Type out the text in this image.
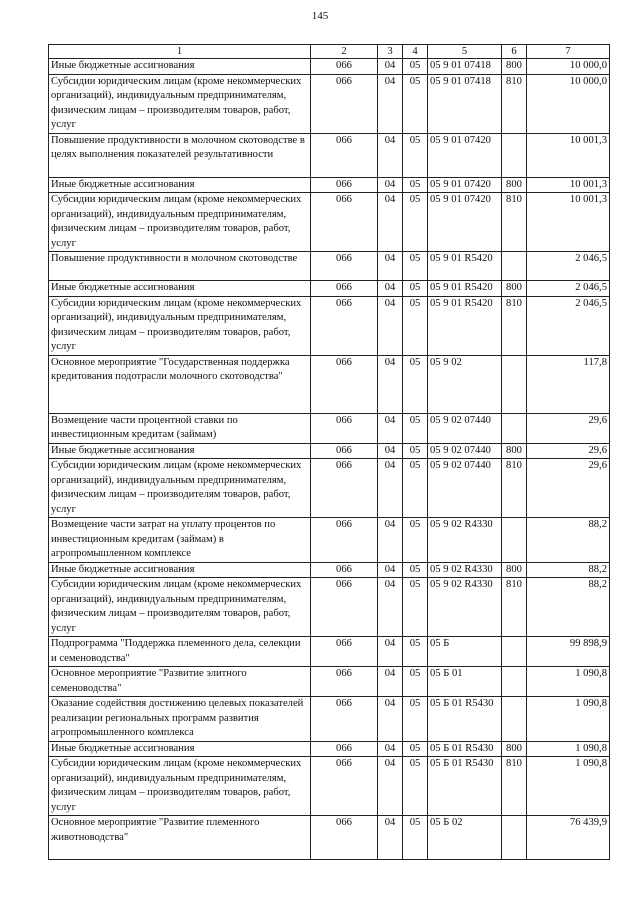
145
1	2	3	4	5	6	7
Иные бюджетные ассигнования	066	04	05	05 9 01 07418	800	10 000,0
Субсидии юридическим лицам (кроме некоммерческих организаций), индивидуальным предпринимателям, физическим лицам – производителям товаров, работ, услуг	066	04	05	05 9 01 07418	810	10 000,0
Повышение продуктивности в молочном скотоводстве в целях выполнения показателей результативности	066	04	05	05 9 01 07420		10 001,3
Иные бюджетные ассигнования	066	04	05	05 9 01 07420	800	10 001,3
Субсидии юридическим лицам (кроме некоммерческих организаций), индивидуальным предпринимателям, физическим лицам – производителям товаров, работ, услуг	066	04	05	05 9 01 07420	810	10 001,3
Повышение продуктивности в молочном скотоводстве	066	04	05	05 9 01 R5420		2 046,5
Иные бюджетные ассигнования	066	04	05	05 9 01 R5420	800	2 046,5
Субсидии юридическим лицам (кроме некоммерческих организаций), индивидуальным предпринимателям, физическим лицам – производителям товаров, работ, услуг	066	04	05	05 9 01 R5420	810	2 046,5
Основное мероприятие "Государственная поддержка кредитования подотрасли молочного скотоводства"	066	04	05	05 9 02		117,8
Возмещение части процентной ставки по инвестиционным кредитам (займам)	066	04	05	05 9 02 07440		29,6
Иные бюджетные ассигнования	066	04	05	05 9 02 07440	800	29,6
Субсидии юридическим лицам (кроме некоммерческих организаций), индивидуальным предпринимателям, физическим лицам – производителям товаров, работ, услуг	066	04	05	05 9 02 07440	810	29,6
Возмещение части затрат на уплату процентов по инвестиционным кредитам (займам) в агропромышленном комплексе	066	04	05	05 9 02 R4330		88,2
Иные бюджетные ассигнования	066	04	05	05 9 02 R4330	800	88,2
Субсидии юридическим лицам (кроме некоммерческих организаций), индивидуальным предпринимателям, физическим лицам – производителям товаров, работ, услуг	066	04	05	05 9 02 R4330	810	88,2
Подпрограмма "Поддержка племенного дела, селекции и семеноводства"	066	04	05	05 Б		99 898,9
Основное мероприятие "Развитие элитного семеноводства"	066	04	05	05 Б 01		1 090,8
Оказание содействия достижению целевых показателей реализации региональных программ развития агропромышленного комплекса	066	04	05	05 Б 01 R5430		1 090,8
Иные бюджетные ассигнования	066	04	05	05 Б 01 R5430	800	1 090,8
Субсидии юридическим лицам (кроме некоммерческих организаций), индивидуальным предпринимателям, физическим лицам – производителям товаров, работ, услуг	066	04	05	05 Б 01 R5430	810	1 090,8
Основное мероприятие "Развитие племенного животноводства"	066	04	05	05 Б 02		76 439,9
